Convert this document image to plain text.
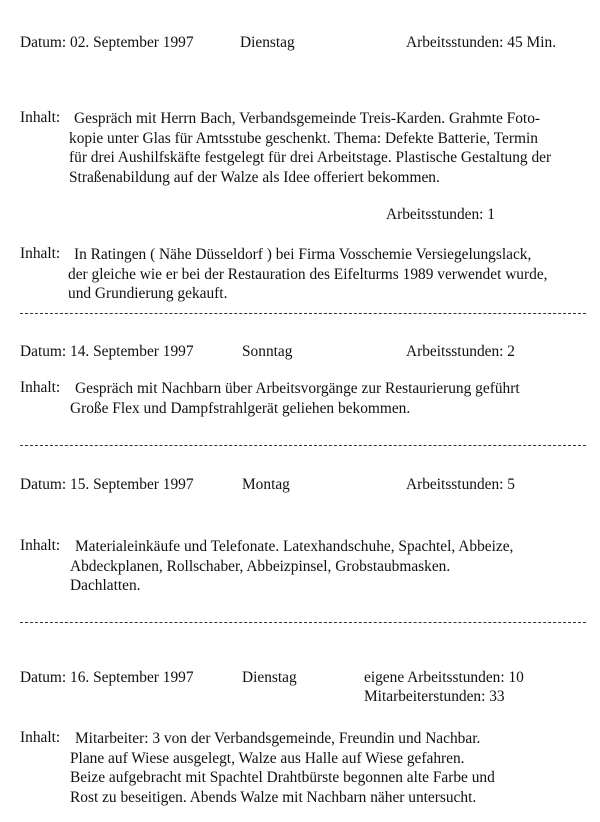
Datum: 02. September 1997	Dienstag	Arbeitsstunden: 45 Min.
Inhalt: Gespräch mit Herrn Bach, Verbandsgemeinde Treis-Karden. Grahmte Foto-
kopie unter Glas für Amtsstube geschenkt. Thema: Defekte Batterie, Termin
für drei Aushilfskäfte festgelegt für drei Arbeitstage. Plastische Gestaltung der
Straßenabildung auf der Walze als Idee offeriert bekommen.
Arbeitsstunden: 1
Inhalt: In Ratingen ( Nähe Düsseldorf ) bei Firma Vosschemie Versiegelungslack,
der gleiche wie er bei der Restauration des Eifelturms 1989 verwendet wurde,
und Grundierung gekauft.
Datum: 14. September 1997	Sonntag	Arbeitsstunden: 2
Inhalt: Gespräch mit Nachbarn über Arbeitsvorgänge zur Restaurierung geführt
Große Flex und Dampfstrahlgerät geliehen bekommen.
Datum: 15. September 1997	Montag	Arbeitsstunden: 5
Inhalt: Materialeinkäufe und Telefonate. Latexhandschuhe, Spachtel, Abbeize,
Abdeckplanen, Rollschaber, Abbeizpinsel, Grobstaubmasken.
Dachlatten.
Datum: 16. September 1997	Dienstag	eigene Arbeitsstunden: 10
Mitarbeiterstunden: 33
Inhalt: Mitarbeiter: 3 von der Verbandsgemeinde, Freundin und Nachbar.
Plane auf Wiese ausgelegt, Walze aus Halle auf Wiese gefahren.
Beize aufgebracht mit Spachtel Drahtbürste begonnen alte Farbe und
Rost zu beseitigen. Abends Walze mit Nachbarn näher untersucht.
